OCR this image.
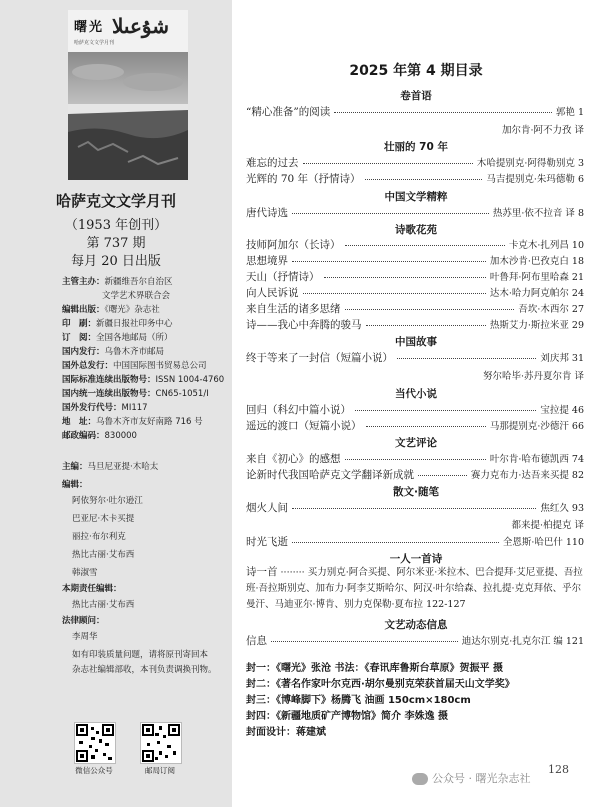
曙光 شۇعىلا
哈萨克文文学月刊
哈萨克文文学月刊
（1953 年创刊）
第 737 期
每月 20 日出版
主管主办：新疆维吾尔自治区
文学艺术界联合会
编辑出版：《曙光》杂志社
印　刷：新疆日报社印务中心
订　阅：全国各地邮局（所）
国内发行：乌鲁木齐市邮局
国外总发行：中国国际图书贸易总公司
国际标准连续出版物号：ISSN 1004-4760
国内统一连续出版物号：CN65-1051/I
国外发行代号：MI117
地　址：乌鲁木齐市友好南路 716 号
邮政编码：830000
主编：马旦尼亚提·木哈太
编辑：
阿依努尔·吐尔逊江
巴亚尼·木卡买提
丽拉·布尔利克
热比古丽·艾布西
韩淑雪
本期责任编辑：
热比古丽·艾布西
法律顾问：
李周华
如有印装质量问题，请将原刊寄回本
杂志社编辑部收，本刊负责调换刊物。
微信公众号	邮局订阅
2025 年第 4 期目录
卷首语
“精心准备”的阅读	郭艳 1
加尔肯·阿不力孜 译
壮丽的 70 年
难忘的过去	木哈提别克·阿得勒别克 3
光辉的 70 年（抒情诗）	马吉提别克·朱玛德勒 6
中国文学精粹
唐代诗选	热苏里·依不拉音 译 8
诗歌花苑
技师阿加尔（长诗）	卡克木·扎列昌 10
思想境界	加木沙肯·巴孜克白 18
天山（抒情诗）	叶鲁拜·阿布里哈森 21
向人民诉说	达木·哈力阿克帕尔 24
来自生活的诸多思绪	吾坎·木西尔 27
诗——我心中奔腾的骏马	热斯艾力·斯拉米亚 29
中国故事
终于等来了一封信（短篇小说）	刘庆邦 31
努尔哈毕·苏丹夏尔肯 译
当代小说
回归（科幻中篇小说）	宝拉提 46
遥远的渡口（短篇小说）	马那提别克·沙德汗 66
文艺评论
来自《初心》的感想	叶尔肯·哈布德凯西 74
论新时代我国哈萨克文学翻译新成就	赛力克布力·达吾来买提 82
散文·随笔
烟火人间	焦红久 93
都来提·柏提克 译
时光飞逝	全恩斯·哈巴什 110
一人一首诗
诗一首 ········ 买力别克·阿合买提、阿尔米亚·米拉木、巴合提拜·艾尼亚提、吾拉班·吾拉斯别克、加布力·阿李艾斯哈尔、阿汉·叶尔给森、拉扎提·克克拜依、乎尔曼汗、马迪亚尔·博肯、别力克保勒·夏布拉 122-127
文艺动态信息
信息	迪达尔别克·扎克尔江 编 121
封一：《曙光》张沧 书法：《春讯库鲁斯台草原》贺振平 摄
封二：《著名作家叶尔克西·胡尔曼别克荣获首届天山文学奖》
封三：《博峰脚下》杨腾飞 油画 150cm×180cm
封四：《新疆地质矿产博物馆》简介 李姝逸 摄
封面设计：蒋建斌
128
公众号 · 曙光杂志社
